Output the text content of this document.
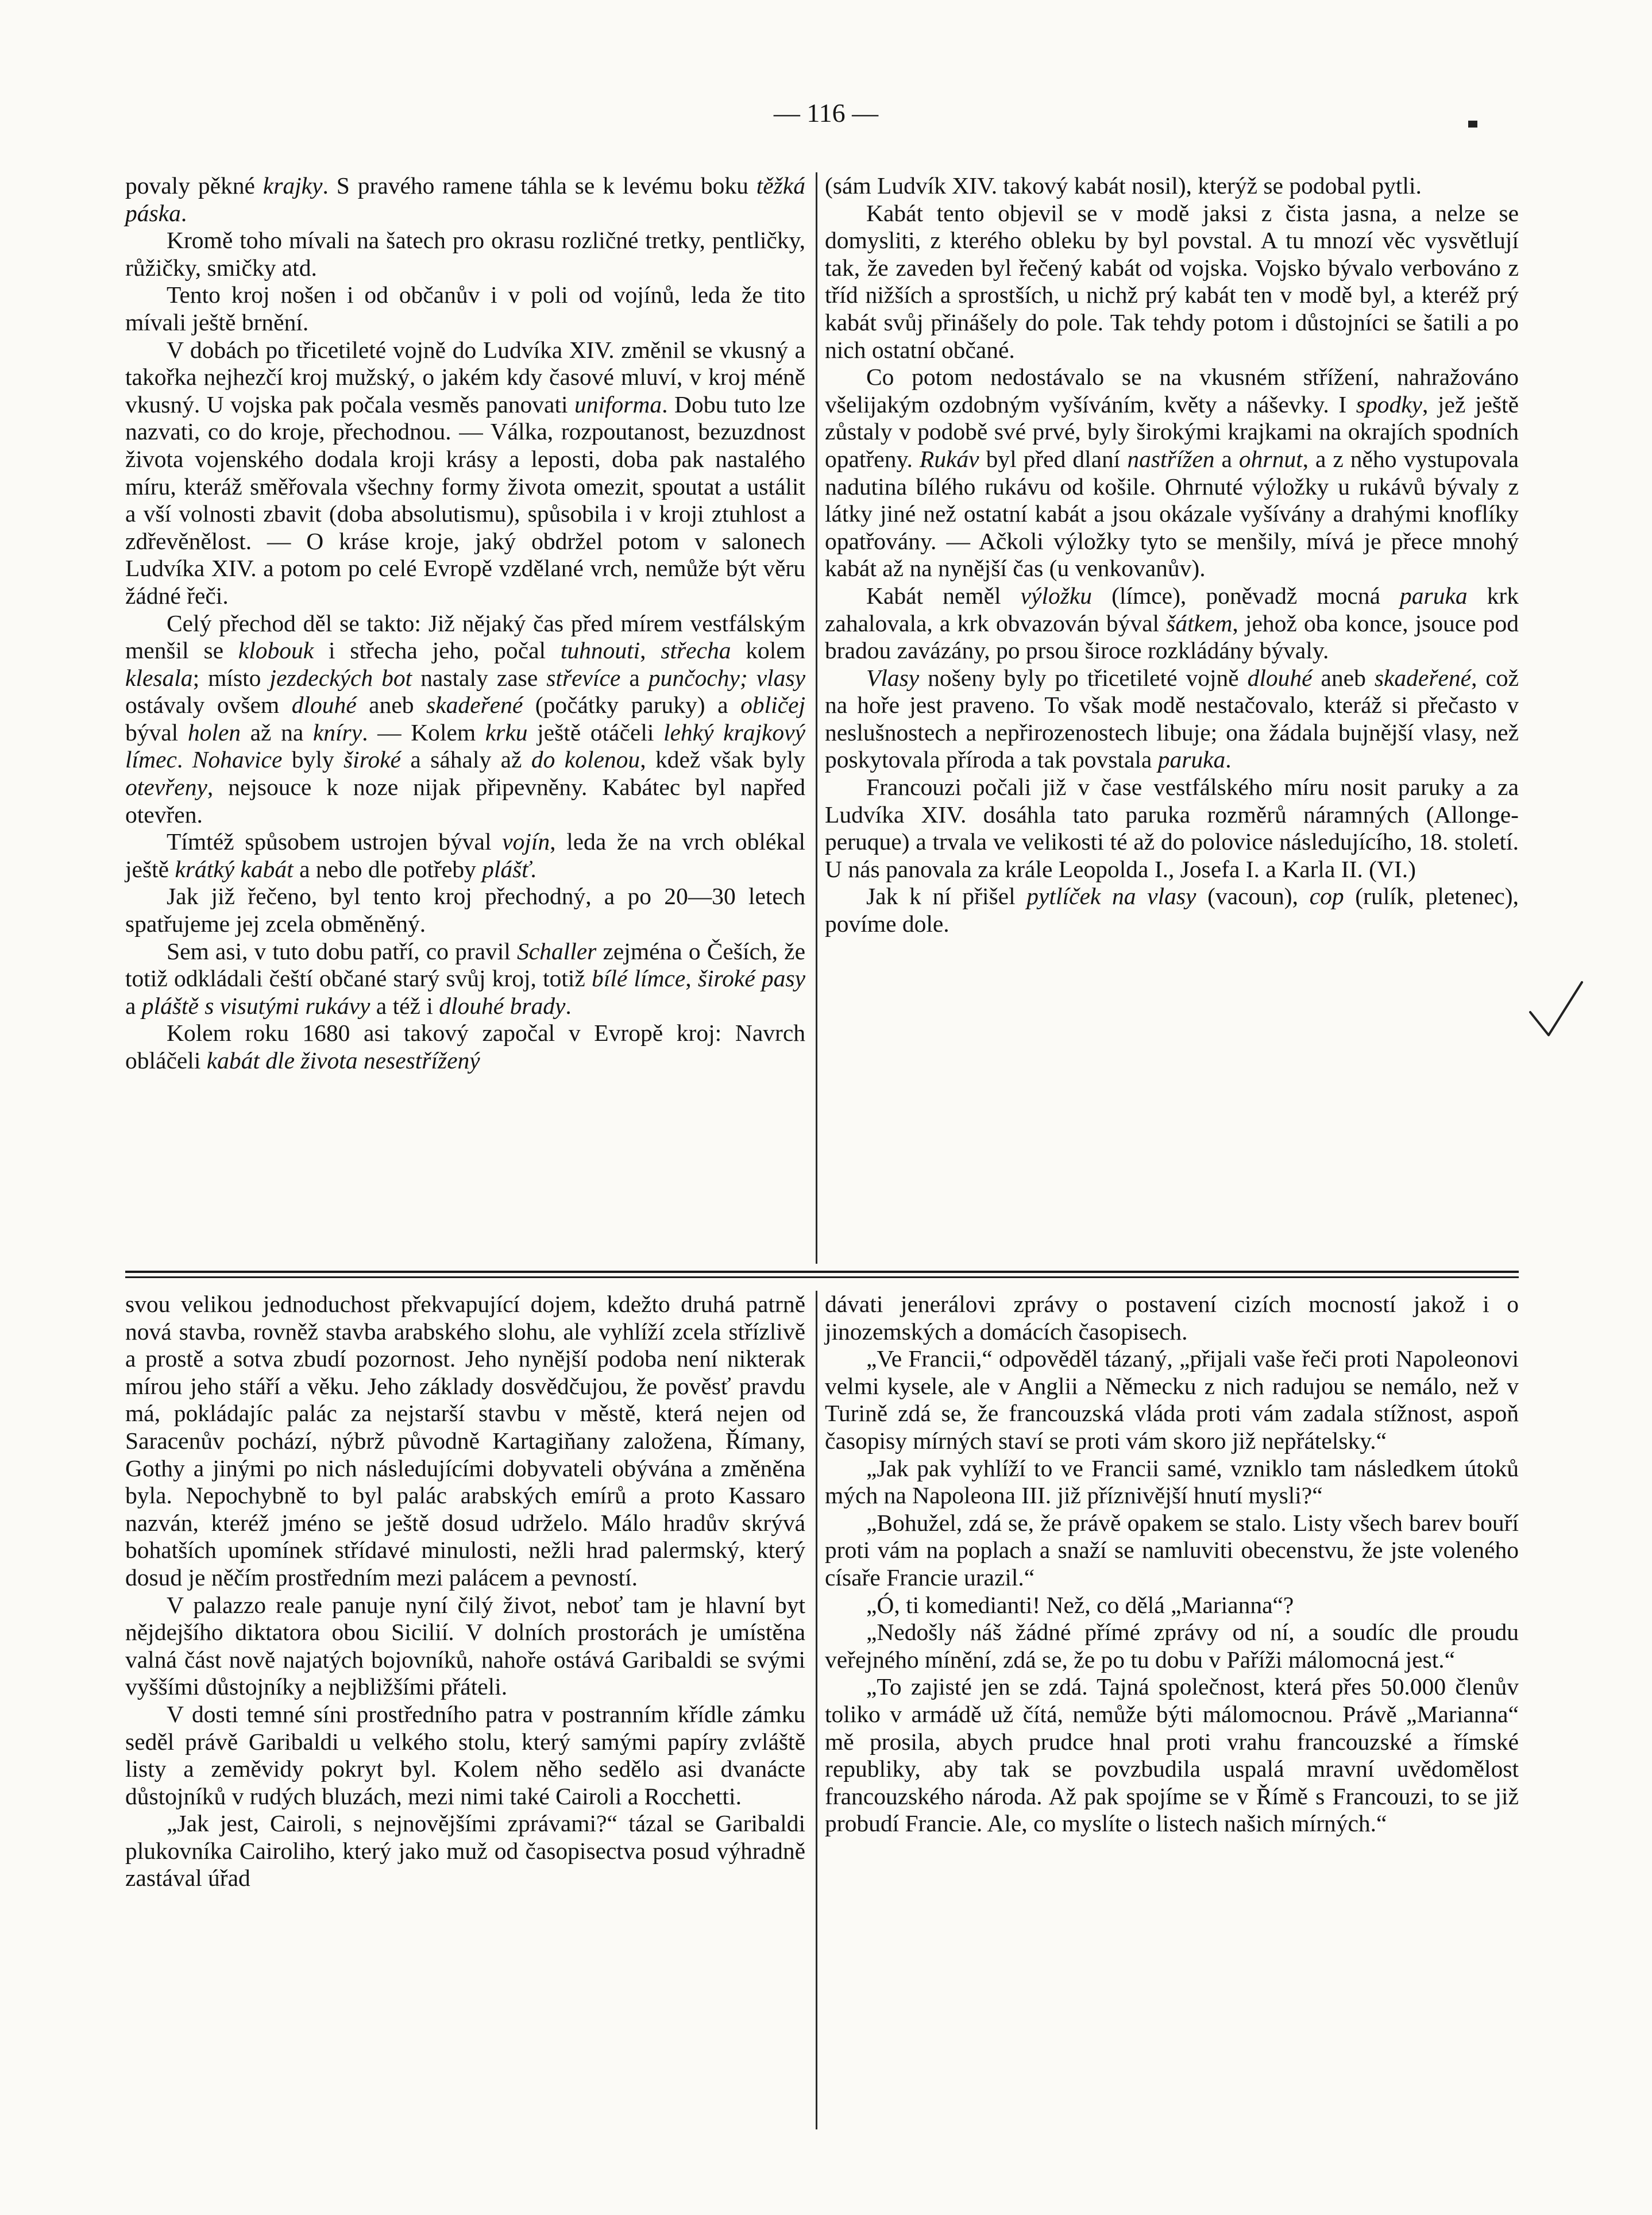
— 116 —

povaly pěkné krajky. S pravého ramene táhla se k levému boku těžká páska.

Kromě toho mívali na šatech pro okrasu rozličné tretky, pentličky, růžičky, smičky atd.

Tento kroj nošen i od občanův i v poli od vojínů, leda že tito mívali ještě brnění.

V dobách po třicetileté vojně do Ludvíka XIV. změnil se vkusný a takořka nejhezčí kroj mužský, o jakém kdy časové mluví, v kroj méně vkusný. U vojska pak počala vesměs panovati uniforma. Dobu tuto lze nazvati, co do kroje, přechodnou. — Válka, rozpoutanost, bezuzdnost života vojenského dodala kroji krásy a leposti, doba pak nastalého míru, kteráž směřovala všechny formy života omezit, spoutat a ustálit a vší volnosti zbavit (doba absolutismu), spůsobila i v kroji ztuhlost a zdřevěnělost. — O kráse kroje, jaký obdržel potom v salonech Ludvíka XIV. a potom po celé Evropě vzdělané vrch, nemůže být věru žádné řeči.

Celý přechod děl se takto: Již nějaký čas před mírem vestfálským menšil se klobouk i střecha jeho, počal tuhnouti, střecha kolem klesala; místo jezdeckých bot nastaly zase střevíce a punčochy; vlasy ostávaly ovšem dlouhé aneb skadeřené (počátky paruky) a obličej býval holen až na kníry. — Kolem krku ještě otáčeli lehký krajkový límec. Nohavice byly široké a sáhaly až do kolenou, kdež však byly otevřeny, nejsouce k noze nijak připevněny. Kabátec byl napřed otevřen.

Tímtéž spůsobem ustrojen býval vojín, leda že na vrch oblékal ještě krátký kabát a nebo dle potřeby plášť.

Jak již řečeno, byl tento kroj přechodný, a po 20—30 letech spatřujeme jej zcela obměněný.

Sem asi, v tuto dobu patří, co pravil Schaller zejména o Češích, že totiž odkládali čeští občané starý svůj kroj, totiž bílé límce, široké pasy a pláště s visutými rukávy a též i dlouhé brady.

Kolem roku 1680 asi takový započal v Evropě kroj: Navrch obláčeli kabát dle života nesestřížený

(sám Ludvík XIV. takový kabát nosil), kterýž se podobal pytli.

Kabát tento objevil se v modě jaksi z čista jasna, a nelze se domysliti, z kterého obleku by byl povstal. A tu mnozí věc vysvětlují tak, že zaveden byl řečený kabát od vojska. Vojsko bývalo verbováno z tříd nižších a sprostších, u nichž prý kabát ten v modě byl, a kteréž prý kabát svůj přinášely do pole. Tak tehdy potom i důstojníci se šatili a po nich ostatní občané.

Co potom nedostávalo se na vkusném střížení, nahražováno všelijakým ozdobným vyšíváním, květy a náševky. I spodky, jež ještě zůstaly v podobě své prvé, byly širokými krajkami na okrajích spodních opatřeny. Rukáv byl před dlaní nastřížen a ohrnut, a z něho vystupovala nadutina bílého rukávu od košile. Ohrnuté výložky u rukávů bývaly z látky jiné než ostatní kabát a jsou okázale vyšívány a drahými knoflíky opatřovány. — Ačkoli výložky tyto se menšily, mívá je přece mnohý kabát až na nynější čas (u venkovanův).

Kabát neměl výložku (límce), poněvadž mocná paruka krk zahalovala, a krk obvazován býval šátkem, jehož oba konce, jsouce pod bradou zavázány, po prsou široce rozkládány bývaly.

Vlasy nošeny byly po třicetileté vojně dlouhé aneb skadeřené, což na hoře jest praveno. To však modě nestačovalo, kteráž si přečasto v neslušnostech a nepřirozenostech libuje; ona žádala bujnější vlasy, než poskytovala příroda a tak povstala paruka.

Francouzi počali již v čase vestfálského míru nosit paruky a za Ludvíka XIV. dosáhla tato paruka rozměrů náramných (Allonge-peruque) a trvala ve velikosti té až do polovice následujícího, 18. století. U nás panovala za krále Leopolda I., Josefa I. a Karla II. (VI.)

Jak k ní přišel pytlíček na vlasy (vacoun), cop (rulík, pletenec), povíme dole.

svou velikou jednoduchost překvapující dojem, kdežto druhá patrně nová stavba, rovněž stavba arabského slohu, ale vyhlíží zcela střízlivě a prostě a sotva zbudí pozornost. Jeho nynější podoba není nikterak mírou jeho stáří a věku. Jeho základy dosvědčujou, že pověsť pravdu má, pokládajíc palác za nejstarší stavbu v městě, která nejen od Saracenův pochází, nýbrž původně Kartagiňany založena, Římany, Gothy a jinými po nich následujícími dobyvateli obývána a změněna byla. Nepochybně to byl palác arabských emírů a proto Kassaro nazván, kteréž jméno se ještě dosud udrželo. Málo hradův skrývá bohatších upomínek střídavé minulosti, nežli hrad palermský, který dosud je něčím prostředním mezi palácem a pevností.

V palazzo reale panuje nyní čilý život, neboť tam je hlavní byt nějdejšího diktatora obou Sicilií. V dolních prostorách je umístěna valná část nově najatých bojovníků, nahoře ostává Garibaldi se svými vyššími důstojníky a nejbližšími přáteli.

V dosti temné síni prostředního patra v postranním křídle zámku seděl právě Garibaldi u velkého stolu, který samými papíry zvláště listy a zeměvidy pokryt byl. Kolem něho sedělo asi dvanácte důstojníků v rudých bluzách, mezi nimi také Cairoli a Rocchetti.

„Jak jest, Cairoli, s nejnovějšími zprávami?“ tázal se Garibaldi plukovníka Cairoliho, který jako muž od časopisectva posud výhradně zastával úřad

dávati jenerálovi zprávy o postavení cizích mocností jakož i o jinozemských a domácích časopisech.

„Ve Francii,“ odpověděl tázaný, „přijali vaše řeči proti Napoleonovi velmi kysele, ale v Anglii a Německu z nich radujou se nemálo, než v Turině zdá se, že francouzská vláda proti vám zadala stížnost, aspoň časopisy mírných staví se proti vám skoro již nepřátelsky.“

„Jak pak vyhlíží to ve Francii samé, vzniklo tam následkem útoků mých na Napoleona III. již příznivější hnutí mysli?“

„Bohužel, zdá se, že právě opakem se stalo. Listy všech barev bouří proti vám na poplach a snaží se namluviti obecenstvu, že jste voleného císaře Francie urazil.“

„Ó, ti komedianti! Než, co dělá „Marianna“?

„Nedošly náš žádné přímé zprávy od ní, a soudíc dle proudu veřejného mínění, zdá se, že po tu dobu v Paříži málomocná jest.“

„To zajisté jen se zdá. Tajná společnost, která přes 50.000 členův toliko v armádě už čítá, nemůže býti málomocnou. Právě „Marianna“ mě prosila, abych prudce hnal proti vrahu francouzské a římské republiky, aby tak se povzbudila uspalá mravní uvědomělost francouzského národa. Až pak spojíme se v Římě s Francouzi, to se již probudí Francie. Ale, co myslíte o listech našich mírných.“
